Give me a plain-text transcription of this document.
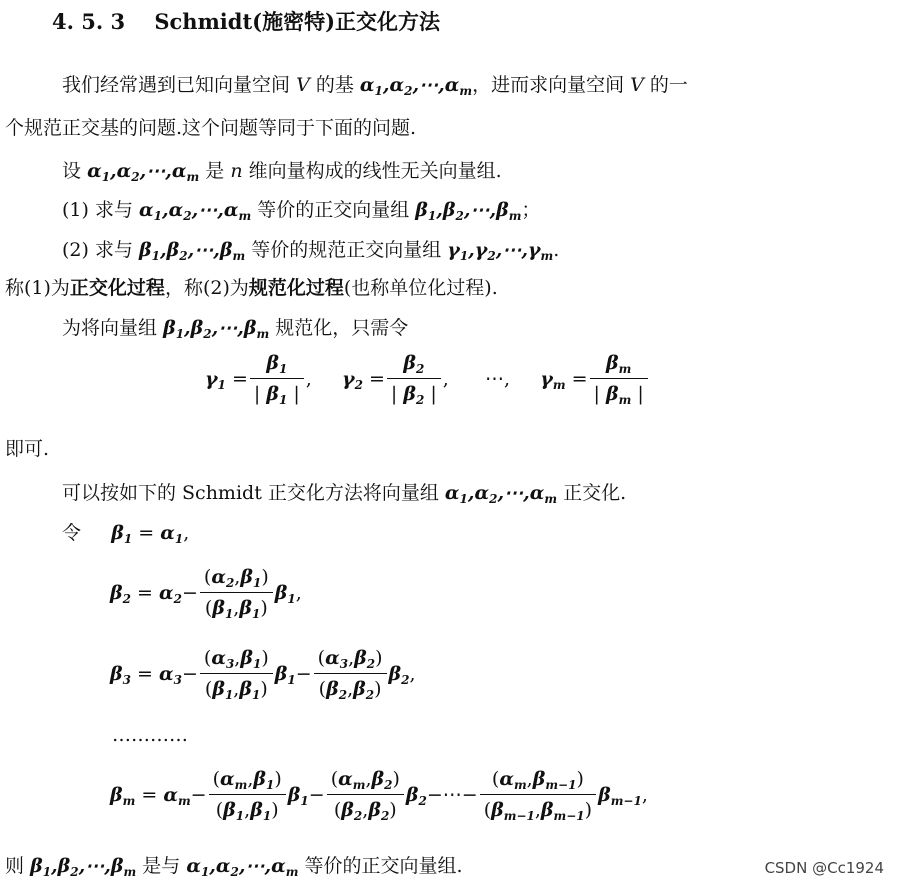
4. 5. 3 Schmidt(施密特)正交化方法
我们经常遇到已知向量空间 V 的基 $\alpha_1,\alpha_2,\cdots,\alpha_m$，进而求向量空间 V 的一
个规范正交基的问题.这个问题等同于下面的问题.
设 $\alpha_1,\alpha_2,\cdots,\alpha_m$ 是 n 维向量构成的线性无关向量组.
(1) 求与 $\alpha_1,\alpha_2,\cdots,\alpha_m$ 等价的正交向量组 $\beta_1,\beta_2,\cdots,\beta_m$；
(2) 求与 $\beta_1,\beta_2,\cdots,\beta_m$ 等价的规范正交向量组 $\gamma_1,\gamma_2,\cdots,\gamma_m$.
称(1)为正交化过程，称(2)为规范化过程(也称单位化过程).
为将向量组 $\beta_1,\beta_2,\cdots,\beta_m$ 规范化，只需令
$\gamma_1 = \frac{\beta_1}{| \beta_1 |}$ , $\gamma_2 = \frac{\beta_2}{| \beta_2 |}$ ,      ⋯, $\gamma_m = \frac{\beta_m}{| \beta_m |}$
即可.
可以按如下的 Schmidt 正交化方法将向量组 $\alpha_1,\alpha_2,\cdots,\alpha_m$ 正交化.
令 $\beta_1 = \alpha_1$,
$\beta_2 = \alpha_2 - \frac{(\alpha_2,\beta_1)}{(\beta_1,\beta_1)} \beta_1$ ,
$\beta_3 = \alpha_3 - \frac{(\alpha_3,\beta_1)}{(\beta_1,\beta_1)} \beta_1 - \frac{(\alpha_3,\beta_2)}{(\beta_2,\beta_2)} \beta_2$ ,
…………
$\beta_m = \alpha_m - \frac{(\alpha_m,\beta_1)}{(\beta_1,\beta_1)} \beta_1 - \frac{(\alpha_m,\beta_2)}{(\beta_2,\beta_2)} \beta_2$ −⋯− $\frac{(\alpha_m,\beta_{m-1})}{(\beta_{m-1},\beta_{m-1})} \beta_{m-1}$ ,
则 $\beta_1,\beta_2,\cdots,\beta_m$ 是与 $\alpha_1,\alpha_2,\cdots,\alpha_m$ 等价的正交向量组.	CSDN @Cc1924
